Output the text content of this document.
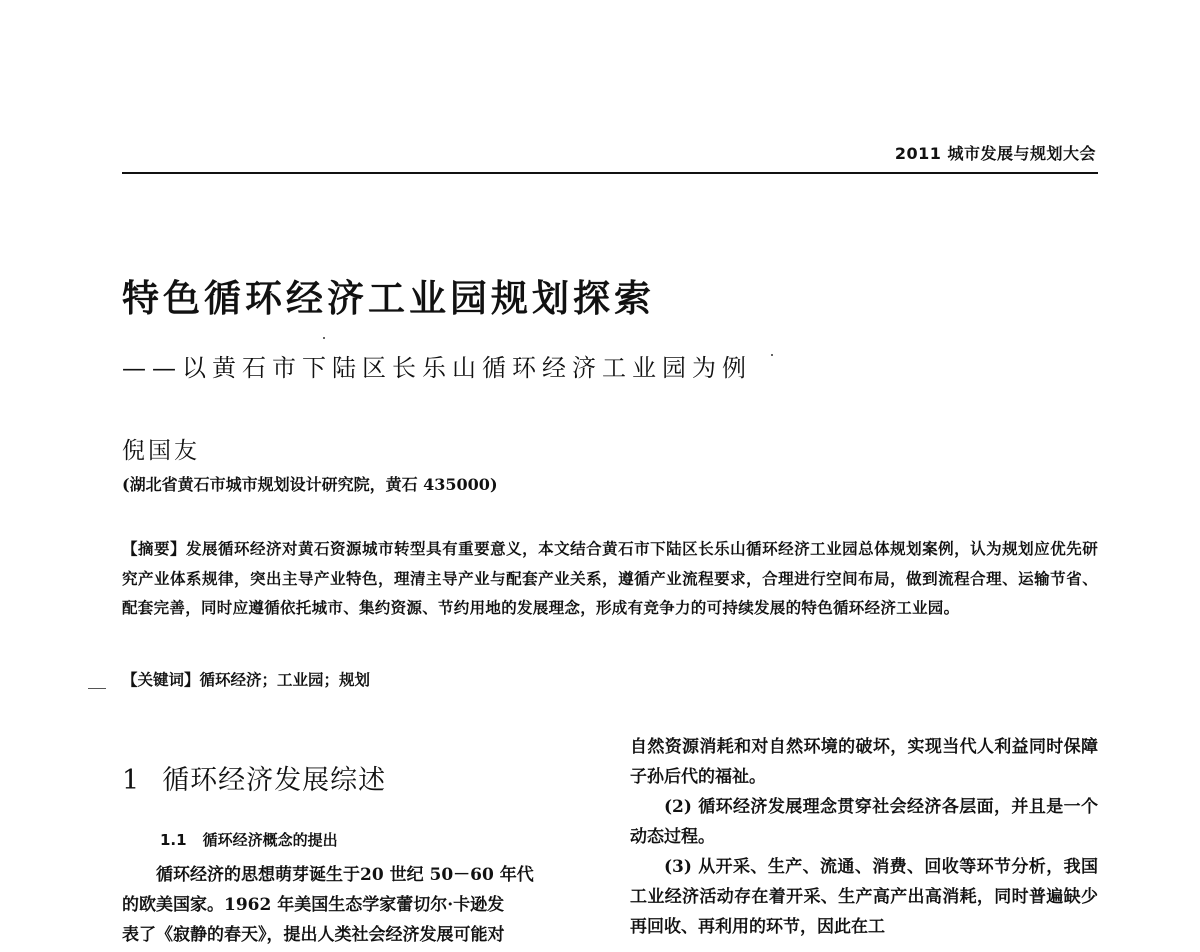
2011 城市发展与规划大会
特色循环经济工业园规划探索
——以黄石市下陆区长乐山循环经济工业园为例
倪国友
(湖北省黄石市城市规划设计研究院，黄石 435000)
【摘要】发展循环经济对黄石资源城市转型具有重要意义，本文结合黄石市下陆区长乐山循环经济工业园总体规划案例，认为规划应优先研究产业体系规律，突出主导产业特色，理清主导产业与配套产业关系，遵循产业流程要求，合理进行空间布局，做到流程合理、运输节省、配套完善，同时应遵循依托城市、集约资源、节约用地的发展理念，形成有竞争力的可持续发展的特色循环经济工业园。
【关键词】循环经济；工业园；规划
1 循环经济发展综述
1.1 循环经济概念的提出
循环经济的思想萌芽诞生于20 世纪 50－60 年代
的欧美国家。1962 年美国生态学家蕾切尔·卡逊发
表了《寂静的春天》，提出人类社会经济发展可能对

自然资源消耗和对自然环境的破坏，实现当代人利益同时保障子孙后代的福祉。

(2) 循环经济发展理念贯穿社会经济各层面，并且是一个动态过程。

(3) 从开采、生产、流通、消费、回收等环节分析，我国工业经济活动存在着开采、生产高产出高消耗，同时普遍缺少再回收、再利用的环节，因此在工
